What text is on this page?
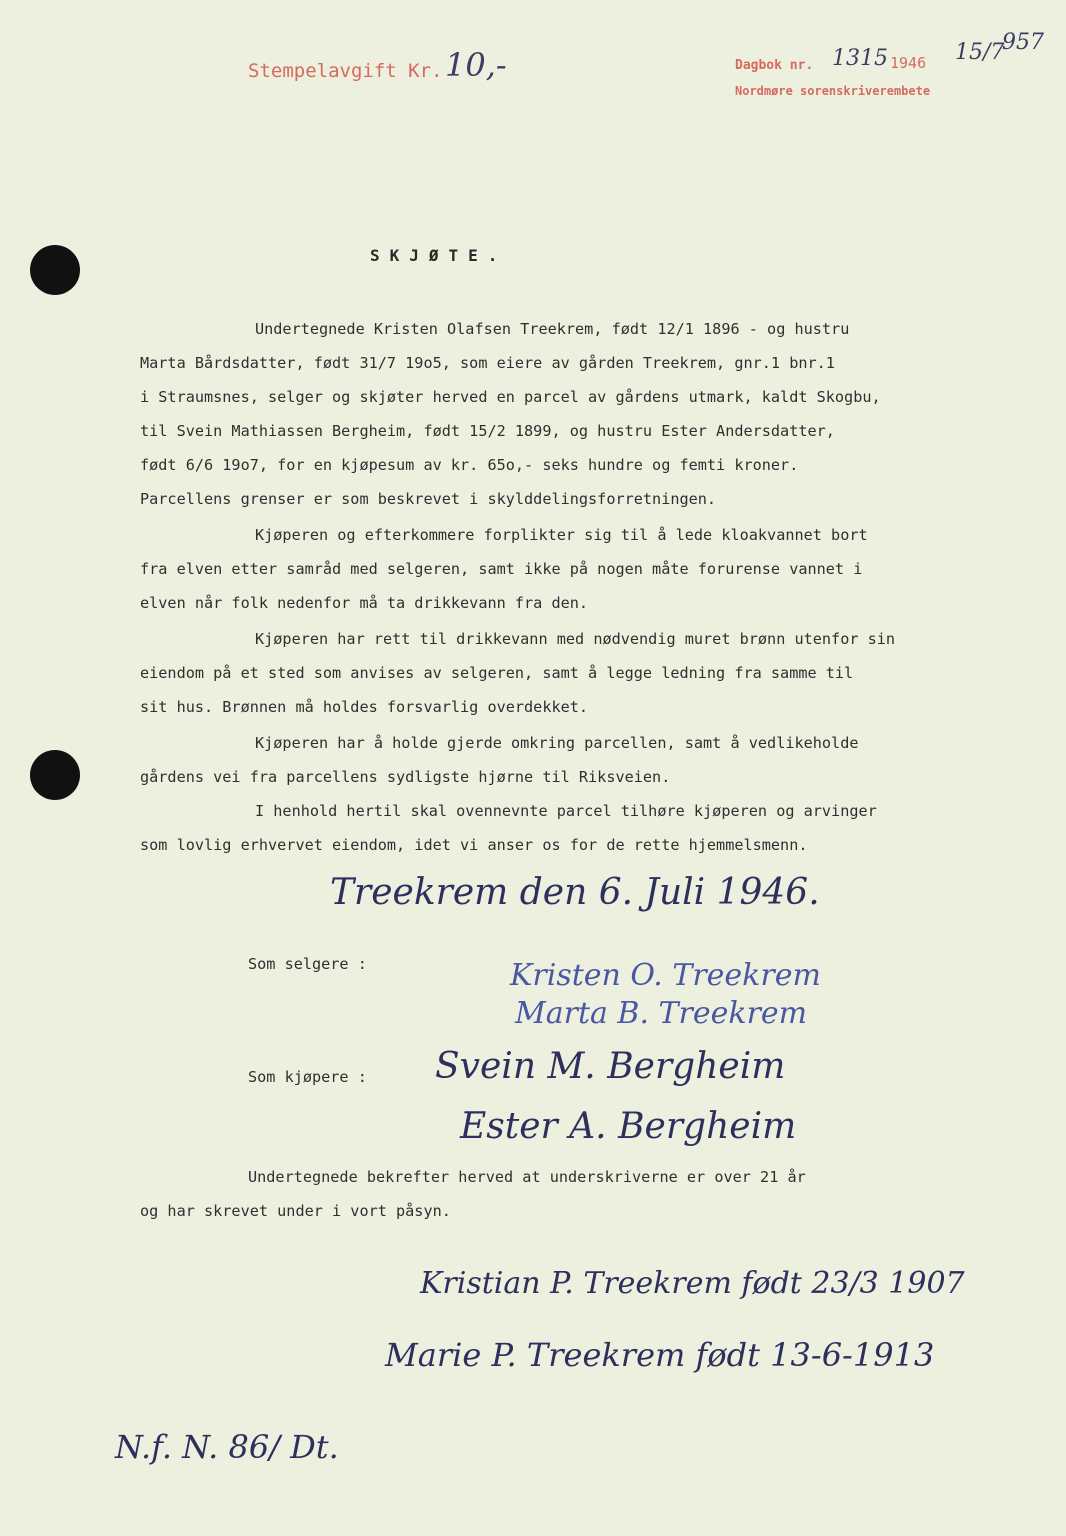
Stempelavgift Kr. 10,-	Dagbok nr. 1315 1946 15/7
957
Nordmøre sorenskriverembete
SKJØTE.
Undertegnede Kristen Olafsen Treekrem, født 12/1 1896 - og hustru
Marta Bårdsdatter, født 31/7 19o5, som eiere av gården Treekrem, gnr.1 bnr.1
i Straumsnes, selger og skjøter herved en parcel av gårdens utmark, kaldt Skogbu,
til Svein Mathiassen Bergheim, født 15/2 1899, og hustru Ester Andersdatter,
født 6/6 19o7, for en kjøpesum av kr. 65o,- seks hundre og femti kroner.
Parcellens grenser er som beskrevet i skylddelingsforretningen.
Kjøperen og efterkommere forplikter sig til å lede kloakvannet bort
fra elven etter samråd med selgeren, samt ikke på nogen måte forurense vannet i
elven når folk nedenfor må ta drikkevann fra den.
Kjøperen har rett til drikkevann med nødvendig muret brønn utenfor sin
eiendom på et sted som anvises av selgeren, samt å legge ledning fra samme til
sit hus. Brønnen må holdes forsvarlig overdekket.
Kjøperen har å holde gjerde omkring parcellen, samt å vedlikeholde
gårdens vei fra parcellens sydligste hjørne til Riksveien.
I henhold hertil skal ovennevnte parcel tilhøre kjøperen og arvinger
som lovlig erhvervet eiendom, idet vi anser os for de rette hjemmelsmenn.
Treekrem den 6. Juli 1946.
Som selgere :	Kristen O. Treekrem
Marta B. Treekrem
Som kjøpere :	Svein M. Bergheim
Ester A. Bergheim
Undertegnede bekrefter herved at underskriverne er over 21 år
og har skrevet under i vort påsyn.
Kristian P. Treekrem født 23/3 1907
Marie P. Treekrem født 13-6-1913
N.f. N. 86/ Dt.
